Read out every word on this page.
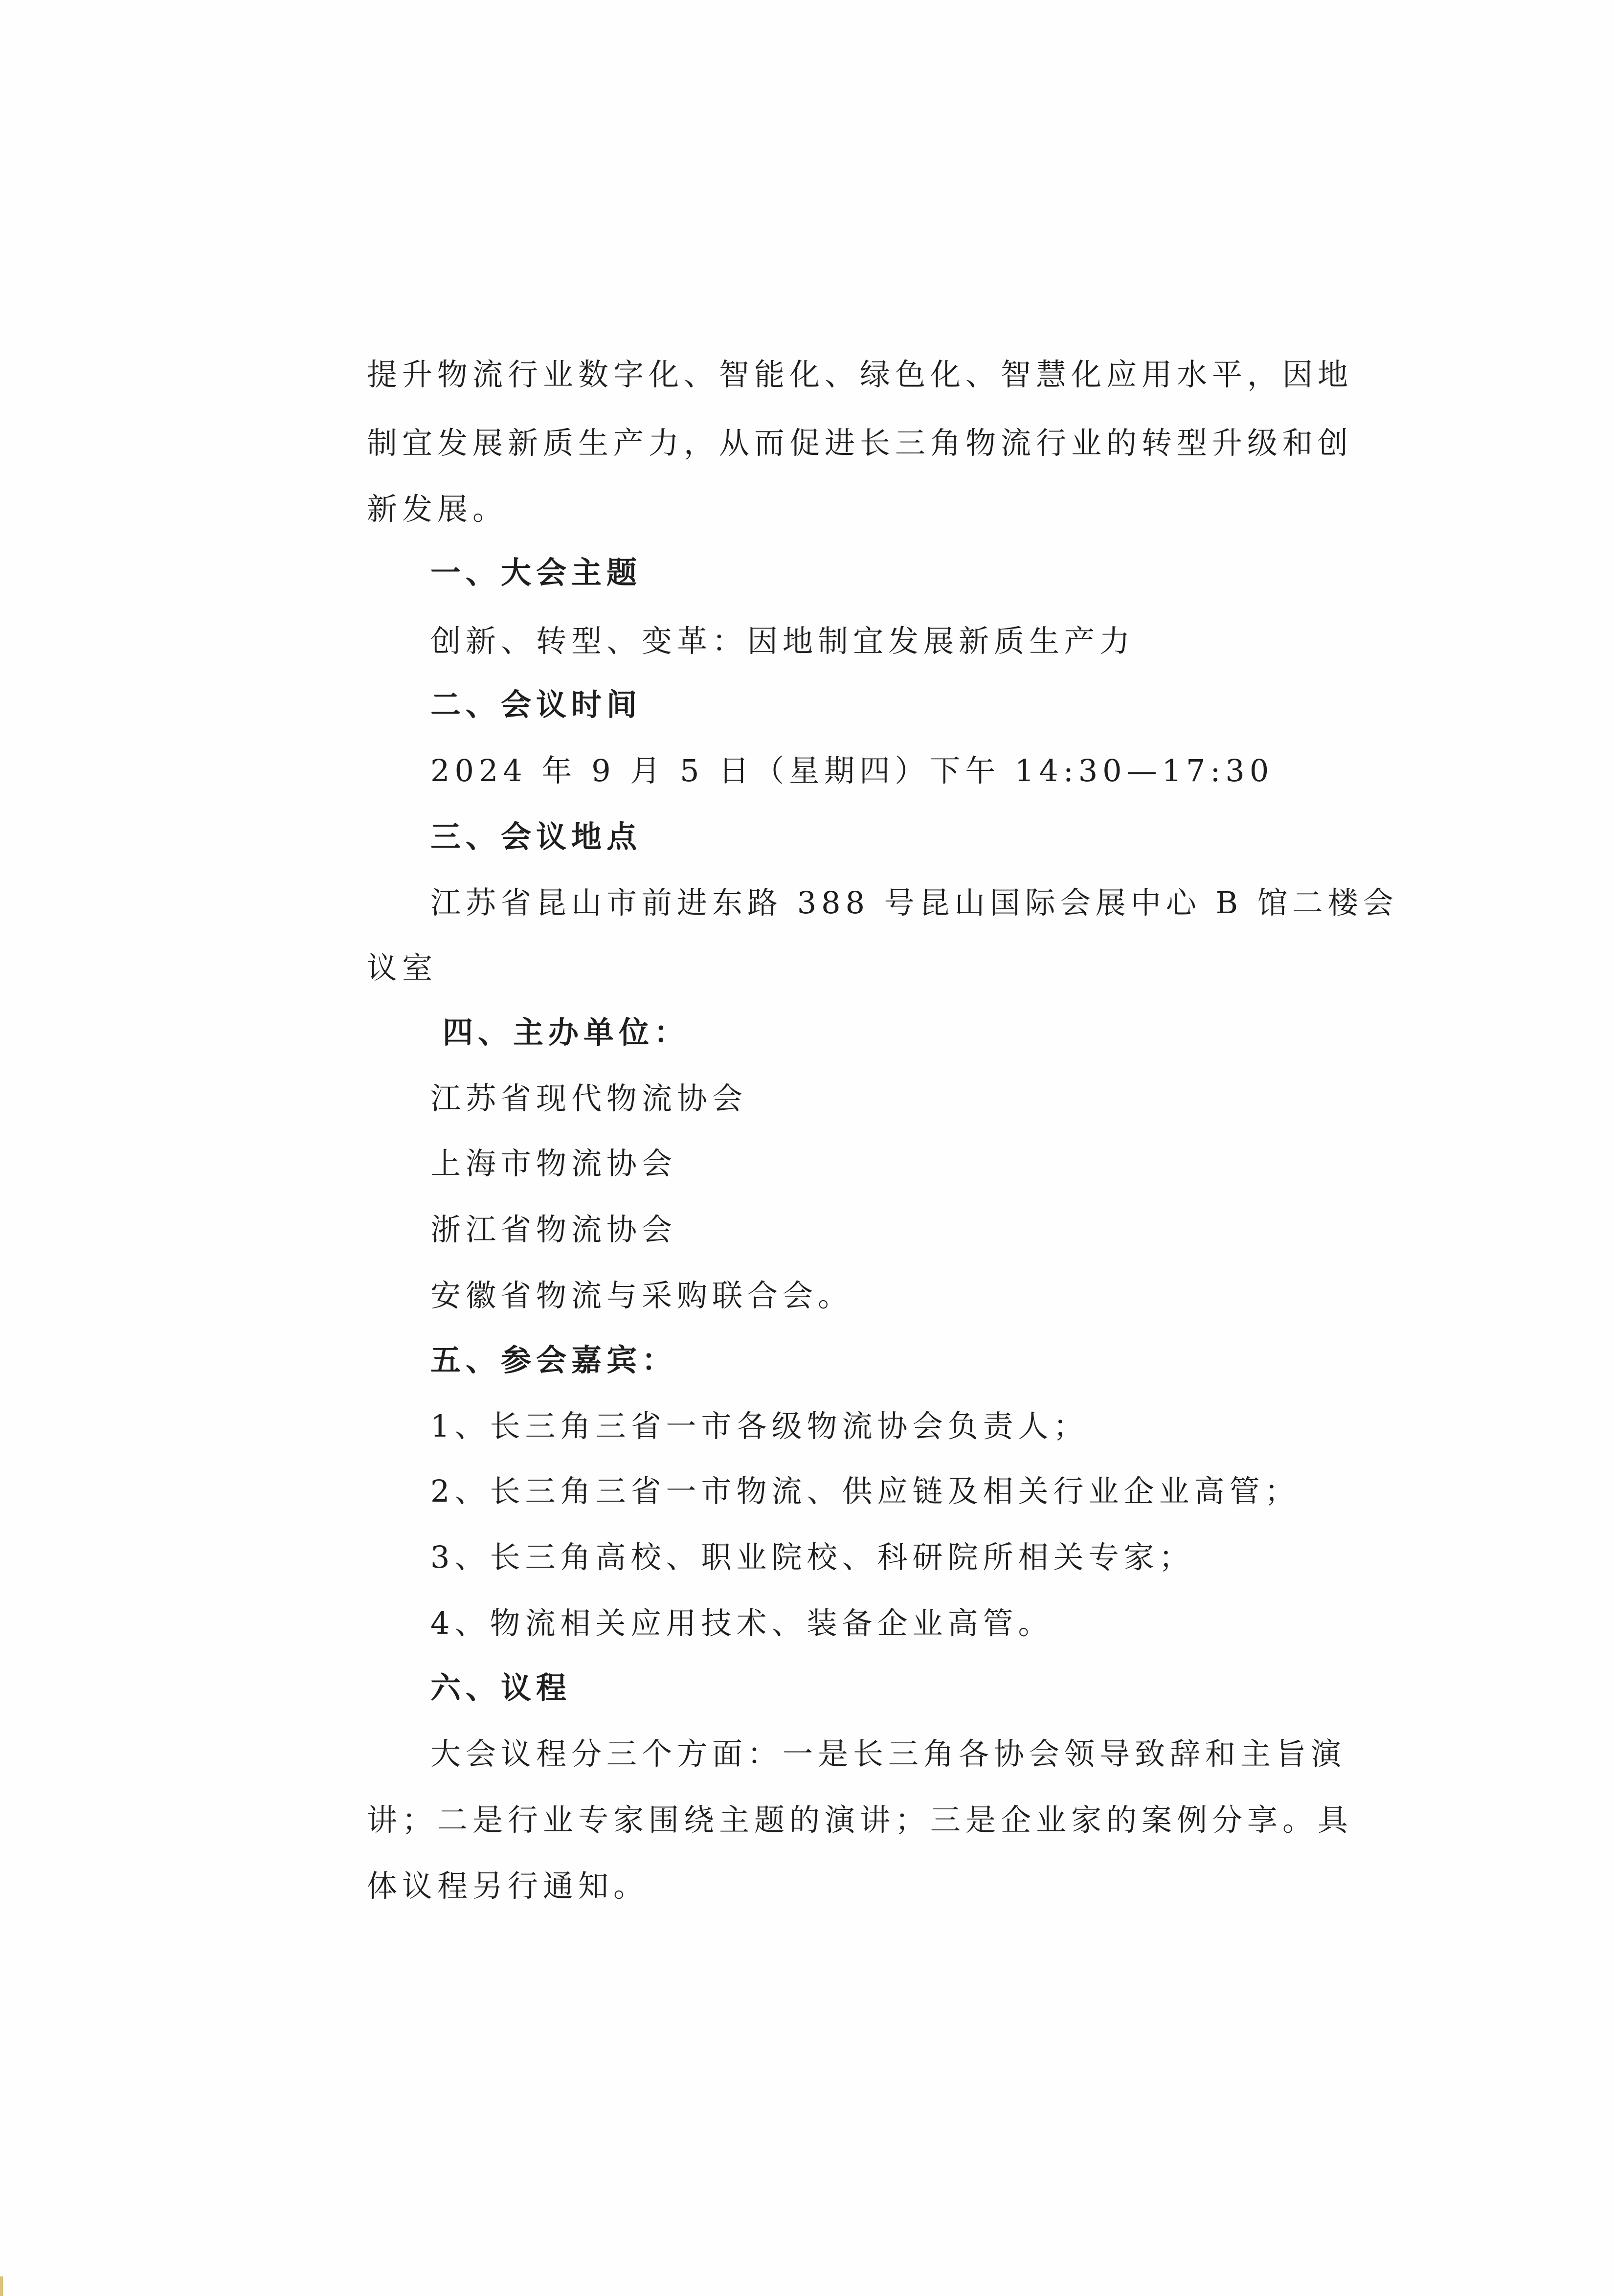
提升物流行业数字化、智能化、绿色化、智慧化应用水平，因地
制宜发展新质生产力，从而促进长三角物流行业的转型升级和创
新发展。
一、大会主题
创新、转型、变革：因地制宜发展新质生产力
二、会议时间
2024 年 9 月 5 日（星期四）下午 14:30—17:30
三、会议地点
江苏省昆山市前进东路 388 号昆山国际会展中心 B 馆二楼会
议室
四、主办单位：
江苏省现代物流协会
上海市物流协会
浙江省物流协会
安徽省物流与采购联合会。
五、参会嘉宾：
1、长三角三省一市各级物流协会负责人；
2、长三角三省一市物流、供应链及相关行业企业高管；
3、长三角高校、职业院校、科研院所相关专家；
4、物流相关应用技术、装备企业高管。
六、议程
大会议程分三个方面：一是长三角各协会领导致辞和主旨演
讲；二是行业专家围绕主题的演讲；三是企业家的案例分享。具
体议程另行通知。
